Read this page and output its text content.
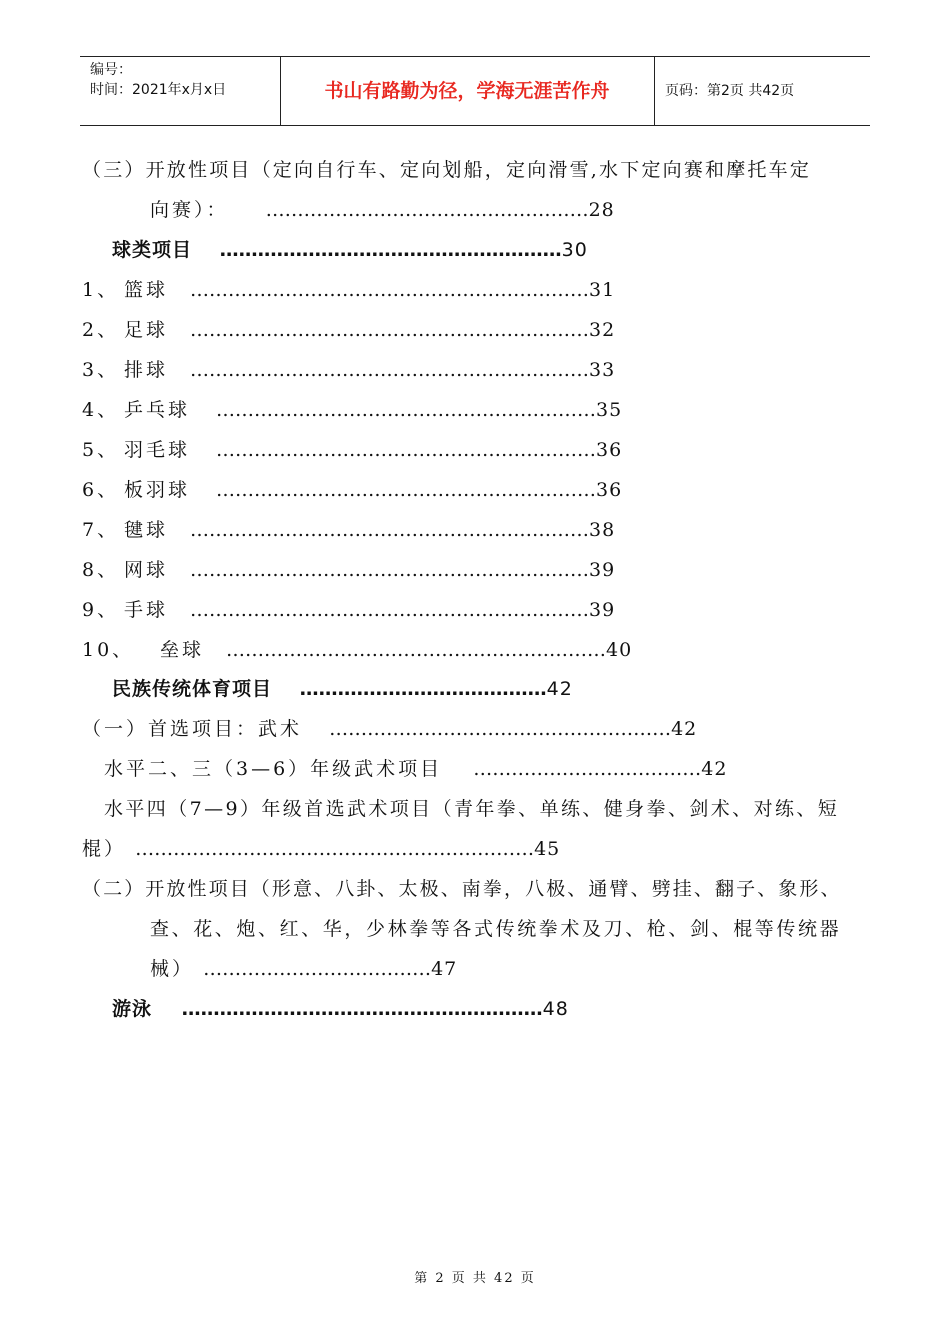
编号：
时间：2021年x月x日	书山有路勤为径，学海无涯苦作舟	页码：第2页 共42页
（三）开放性项目（定向自行车、定向划船，定向滑雪,水下定向赛和摩托车定
向赛）： ……………………………………………28
球类项目 ………………………………………………30
1、 篮球 ………………………………………………………31
2、 足球 ………………………………………………………32
3、 排球 ………………………………………………………33
4、 乒乓球 ……………………………………………………35
5、 羽毛球 ……………………………………………………36
6、 板羽球 ……………………………………………………36
7、 毽球 ………………………………………………………38
8、 网球 ………………………………………………………39
9、 手球 ………………………………………………………39
10、 垒球 ……………………………………………………40
民族传统体育项目 …………………………………42
（一）首选项目：武术 ………………………………………………42
水平二、三（3—6）年级武术项目 ………………………………42
水平四（7—9）年级首选武术项目（青年拳、单练、健身拳、剑术、对练、短
棍） ………………………………………………………45
（二）开放性项目（形意、八卦、太极、南拳，八极、通臂、劈挂、翻子、象形、
查、花、炮、红、华，少林拳等各式传统拳术及刀、枪、剑、棍等传统器
械） ………………………………47
游泳 …………………………………………………48
第 2 页 共 42 页
